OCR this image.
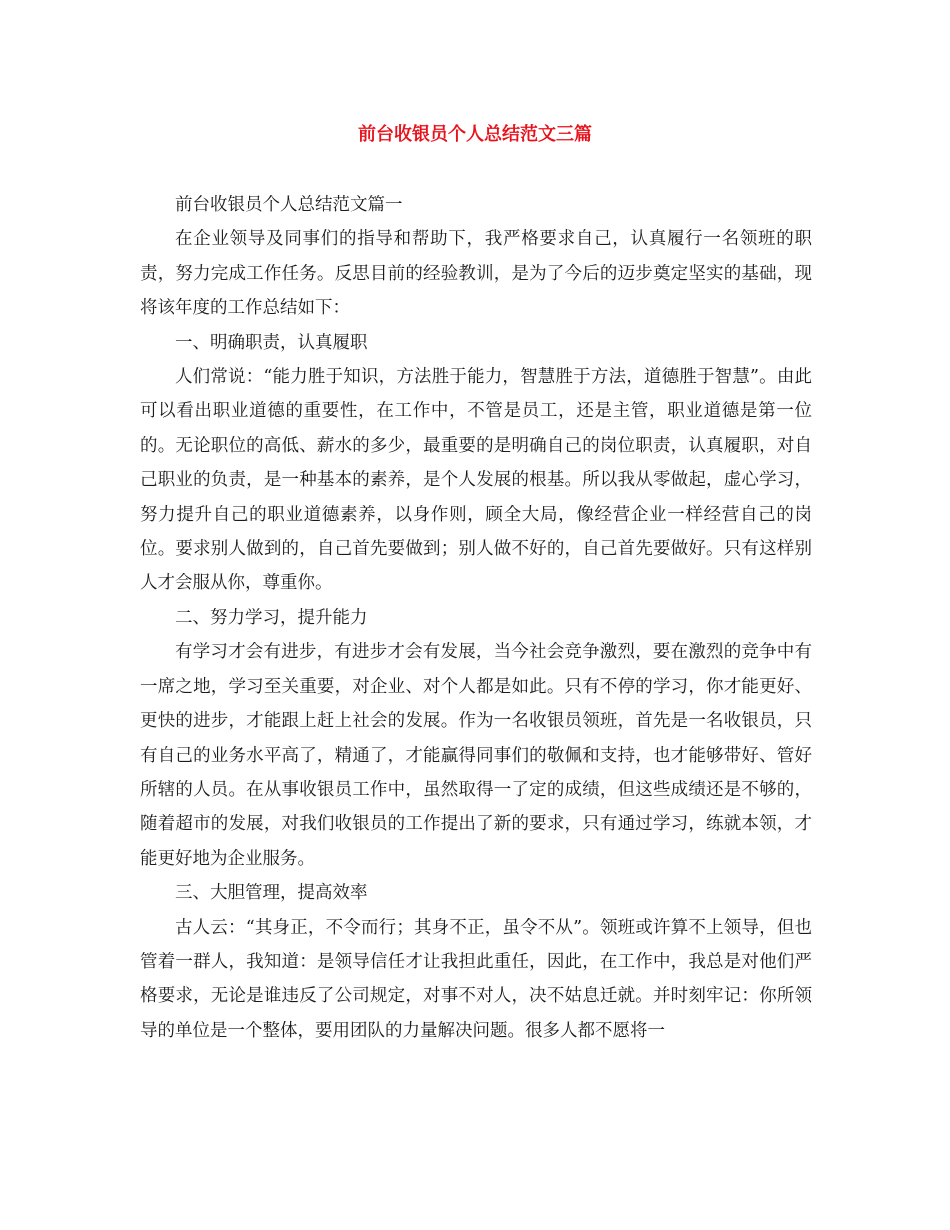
前台收银员个人总结范文三篇

前台收银员个人总结范文篇一

在企业领导及同事们的指导和帮助下，我严格要求自己，认真履行一名领班的职责，努力完成工作任务。反思目前的经验教训，是为了今后的迈步奠定坚实的基础，现将该年度的工作总结如下：

一、明确职责，认真履职

人们常说：“能力胜于知识，方法胜于能力，智慧胜于方法，道德胜于智慧”。由此可以看出职业道德的重要性，在工作中，不管是员工，还是主管，职业道德是第一位的。无论职位的高低、薪水的多少，最重要的是明确自己的岗位职责，认真履职，对自己职业的负责，是一种基本的素养，是个人发展的根基。所以我从零做起，虚心学习，努力提升自己的职业道德素养，以身作则，顾全大局，像经营企业一样经营自己的岗位。要求别人做到的，自己首先要做到；别人做不好的，自己首先要做好。只有这样别人才会服从你，尊重你。

二、努力学习，提升能力

有学习才会有进步，有进步才会有发展，当今社会竞争激烈，要在激烈的竞争中有一席之地，学习至关重要，对企业、对个人都是如此。只有不停的学习，你才能更好、更快的进步，才能跟上赶上社会的发展。作为一名收银员领班，首先是一名收银员，只有自己的业务水平高了，精通了，才能赢得同事们的敬佩和支持，也才能够带好、管好所辖的人员。在从事收银员工作中，虽然取得一了定的成绩，但这些成绩还是不够的，随着超市的发展，对我们收银员的工作提出了新的要求，只有通过学习，练就本领，才能更好地为企业服务。

三、大胆管理，提高效率

古人云：“其身正，不令而行；其身不正，虽令不从”。领班或许算不上领导，但也管着一群人，我知道：是领导信任才让我担此重任，因此，在工作中，我总是对他们严格要求，无论是谁违反了公司规定，对事不对人，决不姑息迁就。并时刻牢记：你所领导的单位是一个整体，要用团队的力量解决问题。很多人都不愿将一
